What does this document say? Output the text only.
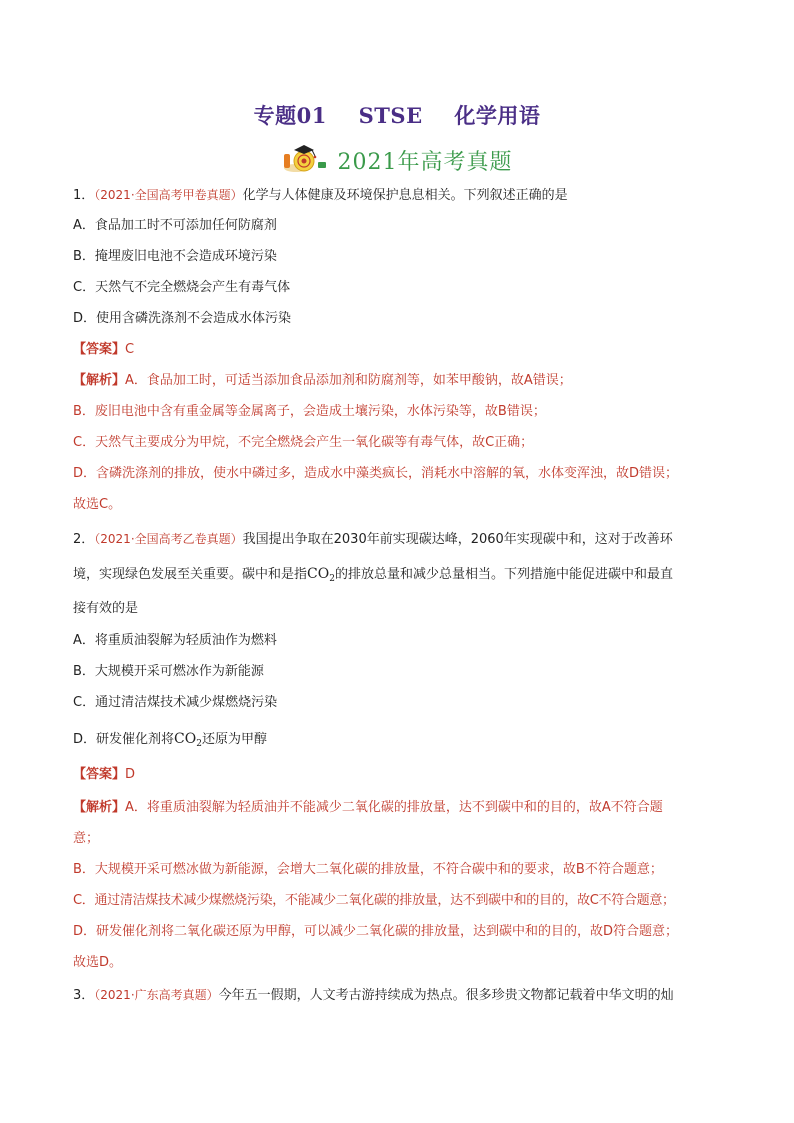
专题01 STSE 化学用语
2021年高考真题
1．（2021·全国高考甲卷真题）化学与人体健康及环境保护息息相关。下列叙述正确的是
A．食品加工时不可添加任何防腐剂
B．掩埋废旧电池不会造成环境污染
C．天然气不完全燃烧会产生有毒气体
D．使用含磷洗涤剂不会造成水体污染
【答案】C
【解析】A．食品加工时，可适当添加食品添加剂和防腐剂等，如苯甲酸钠，故A错误；
B．废旧电池中含有重金属等金属离子，会造成土壤污染，水体污染等，故B错误；
C．天然气主要成分为甲烷，不完全燃烧会产生一氧化碳等有毒气体，故C正确；
D．含磷洗涤剂的排放，使水中磷过多，造成水中藻类疯长，消耗水中溶解的氧，水体变浑浊，故D错误；
故选C。
2．（2021·全国高考乙卷真题）我国提出争取在2030年前实现碳达峰，2060年实现碳中和，这对于改善环
境，实现绿色发展至关重要。碳中和是指$CO_2$的排放总量和减少总量相当。下列措施中能促进碳中和最直
接有效的是
A．将重质油裂解为轻质油作为燃料
B．大规模开采可燃冰作为新能源
C．通过清洁煤技术减少煤燃烧污染
D．研发催化剂将$CO_2$还原为甲醇
【答案】D
【解析】A．将重质油裂解为轻质油并不能减少二氧化碳的排放量，达不到碳中和的目的，故A不符合题
意；
B．大规模开采可燃冰做为新能源，会增大二氧化碳的排放量，不符合碳中和的要求，故B不符合题意；
C．通过清洁煤技术减少煤燃烧污染，不能减少二氧化碳的排放量，达不到碳中和的目的，故C不符合题意；
D．研发催化剂将二氧化碳还原为甲醇，可以减少二氧化碳的排放量，达到碳中和的目的，故D符合题意；
故选D。
3．（2021·广东高考真题）今年五一假期，人文考古游持续成为热点。很多珍贵文物都记载着中华文明的灿
